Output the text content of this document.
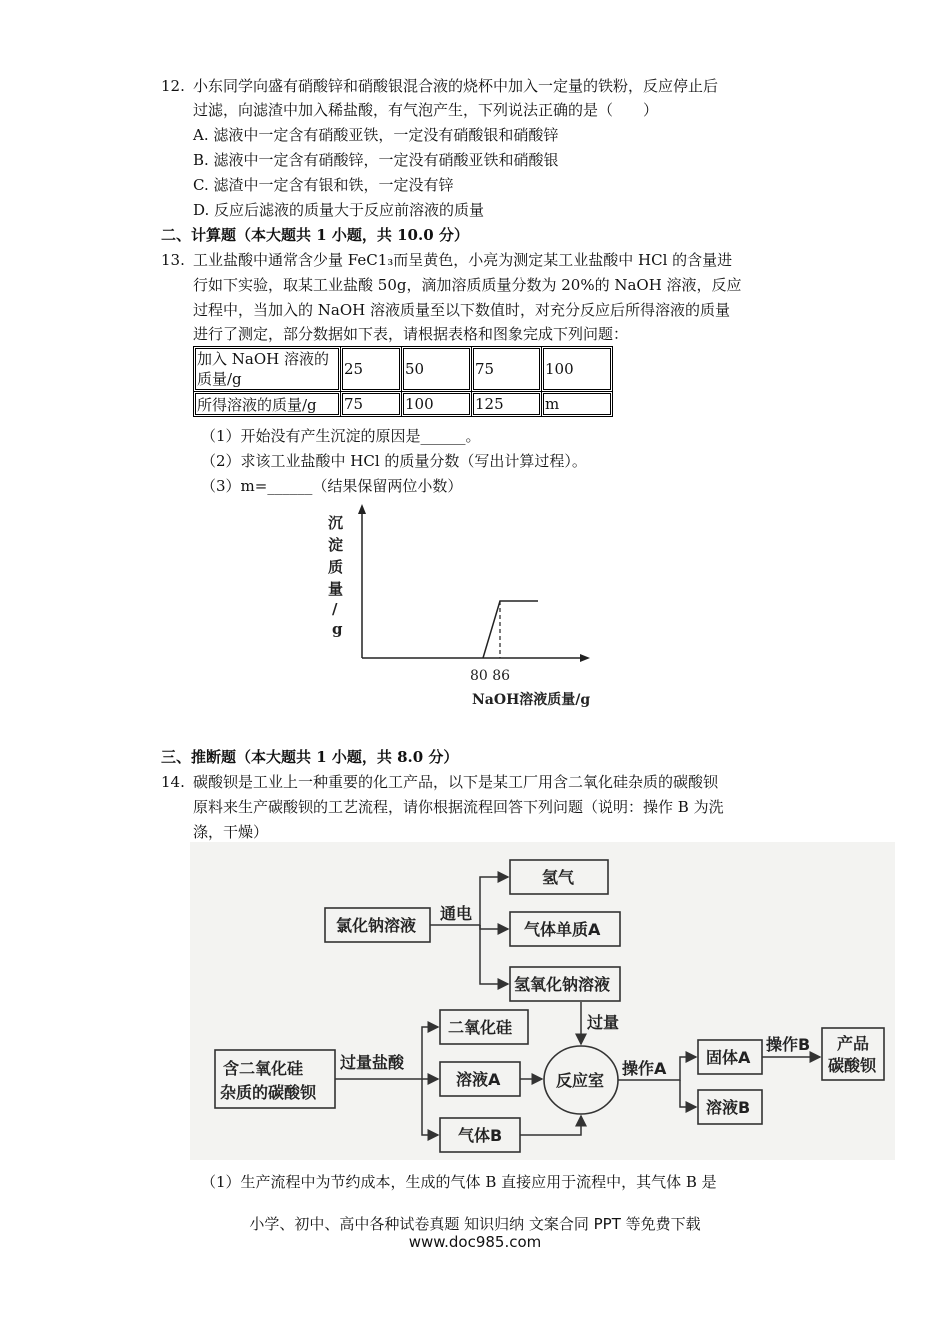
12. 小东同学向盛有硝酸锌和硝酸银混合液的烧杯中加入一定量的铁粉，反应停止后
过滤，向滤渣中加入稀盐酸，有气泡产生，下列说法正确的是（　　）
A. 滤液中一定含有硝酸亚铁，一定没有硝酸银和硝酸锌
B. 滤液中一定含有硝酸锌，一定没有硝酸亚铁和硝酸银
C. 滤渣中一定含有银和铁，一定没有锌
D. 反应后滤液的质量大于反应前溶液的质量
二、计算题（本大题共 1 小题，共 10.0 分）
13. 工业盐酸中通常含少量 FeC1₃而呈黄色，小亮为测定某工业盐酸中 HCl 的含量进
行如下实验，取某工业盐酸 50g，滴加溶质质量分数为 20%的 NaOH 溶液，反应
过程中，当加入的 NaOH 溶液质量至以下数值时，对充分反应后所得溶液的质量
进行了测定，部分数据如下表，请根据表格和图象完成下列问题：
加入 NaOH 溶液的
质量/g	25	50	75	100
所得溶液的质量/g	75	100	125	m
（1）开始没有产生沉淀的原因是______。
（2）求该工业盐酸中 HCl 的质量分数（写出计算过程）。
（3）m=______（结果保留两位小数）
沉
淀
质
量
/
g
80 86
NaOH溶液质量/g
三、推断题（本大题共 1 小题，共 8.0 分）
14. 碳酸钡是工业上一种重要的化工产品，以下是某工厂用含二氧化硅杂质的碳酸钡
原料来生产碳酸钡的工艺流程，请你根据流程回答下列问题（说明：操作 B 为洗
涤，干燥）
氯化钠溶液
通电
氢气
气体单质A
氢氧化钠溶液
过量
含二氧化硅
杂质的碳酸钡
过量盐酸
二氧化硅
溶液A
气体B
反应室
操作A
固体A
溶液B
操作B 产品
碳酸钡
（1）生产流程中为节约成本，生成的气体 B 直接应用于流程中，其气体 B 是
小学、初中、高中各种试卷真题 知识归纳 文案合同 PPT 等免费下载
www.doc985.com
